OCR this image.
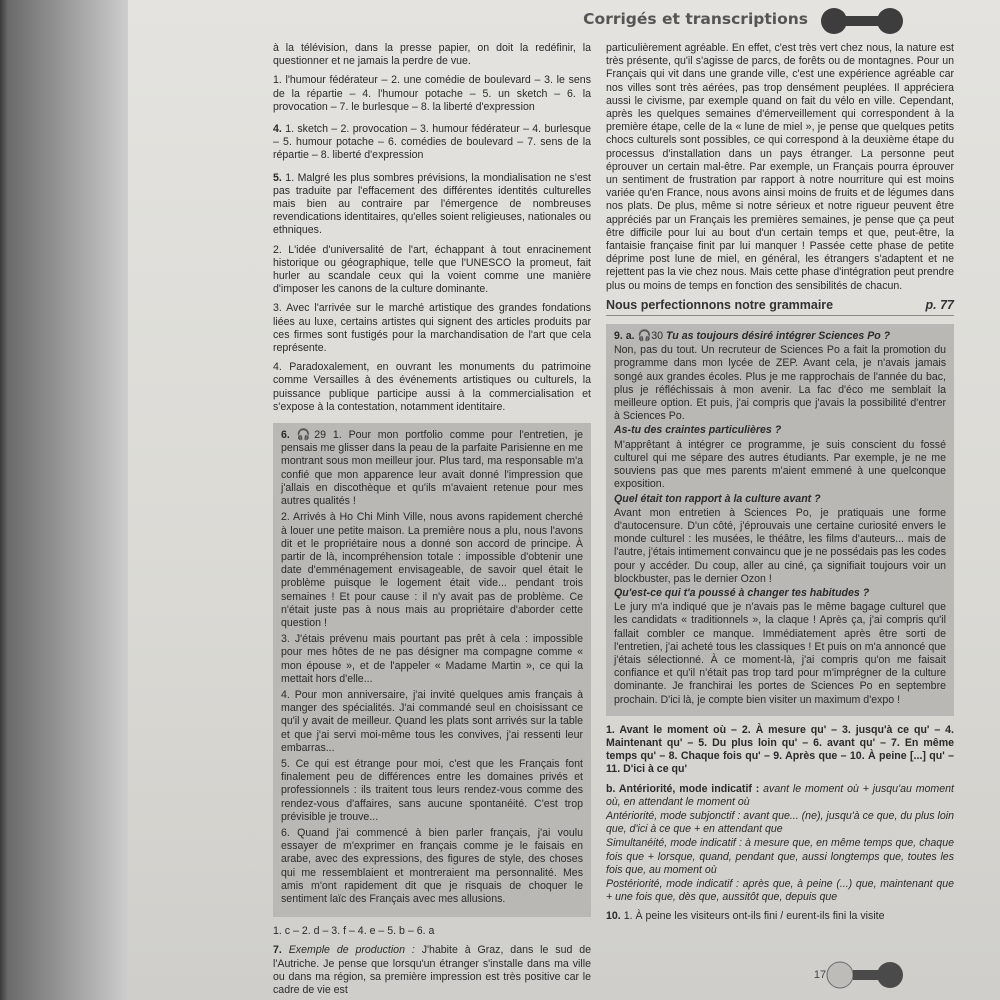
Corrigés et transcriptions

à la télévision, dans la presse papier, on doit la redéfinir, la questionner et ne jamais la perdre de vue.

1. l'humour fédérateur – 2. une comédie de boulevard – 3. le sens de la répartie – 4. l'humour potache – 5. un sketch – 6. la provocation – 7. le burlesque – 8. la liberté d'expression

4. 1. sketch – 2. provocation – 3. humour fédérateur – 4. burlesque – 5. humour potache – 6. comédies de boulevard – 7. sens de la répartie – 8. liberté d'expression

5. 1. Malgré les plus sombres prévisions, la mondialisation ne s'est pas traduite par l'effacement des différentes identités culturelles mais bien au contraire par l'émergence de nombreuses revendications identitaires, qu'elles soient religieuses, nationales ou ethniques.

2. L'idée d'universalité de l'art, échappant à tout enracinement historique ou géographique, telle que l'UNESCO la promeut, fait hurler au scandale ceux qui la voient comme une manière d'imposer les canons de la culture dominante.

3. Avec l'arrivée sur le marché artistique des grandes fondations liées au luxe, certains artistes qui signent des articles produits par ces firmes sont fustigés pour la marchandisation de l'art que cela représente.

4. Paradoxalement, en ouvrant les monuments du patrimoine comme Versailles à des événements artistiques ou culturels, la puissance publique participe aussi à la commercialisation et s'expose à la contestation, notamment identitaire.

6. 🎧29 1. Pour mon portfolio comme pour l'entretien, je pensais me glisser dans la peau de la parfaite Parisienne en me montrant sous mon meilleur jour. Plus tard, ma responsable m'a confié que mon apparence leur avait donné l'impression que j'allais en discothèque et qu'ils m'avaient retenue pour mes autres qualités !

2. Arrivés à Ho Chi Minh Ville, nous avons rapidement cherché à louer une petite maison. La première nous a plu, nous l'avons dit et le propriétaire nous a donné son accord de principe. À partir de là, incompréhension totale : impossible d'obtenir une date d'emménagement envisageable, de savoir quel était le problème puisque le logement était vide... pendant trois semaines ! Et pour cause : il n'y avait pas de problème. Ce n'était juste pas à nous mais au propriétaire d'aborder cette question !

3. J'étais prévenu mais pourtant pas prêt à cela : impossible pour mes hôtes de ne pas désigner ma compagne comme « mon épouse », et de l'appeler « Madame Martin », ce qui la mettait hors d'elle...

4. Pour mon anniversaire, j'ai invité quelques amis français à manger des spécialités. J'ai commandé seul en choisissant ce qu'il y avait de meilleur. Quand les plats sont arrivés sur la table et que j'ai servi moi-même tous les convives, j'ai ressenti leur embarras...

5. Ce qui est étrange pour moi, c'est que les Français font finalement peu de différences entre les domaines privés et professionnels : ils traitent tous leurs rendez-vous comme des rendez-vous d'affaires, sans aucune spontanéité. C'est trop prévisible je trouve...

6. Quand j'ai commencé à bien parler français, j'ai voulu essayer de m'exprimer en français comme je le faisais en arabe, avec des expressions, des figures de style, des choses qui me ressemblaient et montreraient ma personnalité. Mes amis m'ont rapidement dit que je risquais de choquer le sentiment laïc des Français avec mes allusions.

1. c – 2. d – 3. f – 4. e – 5. b – 6. a

7. Exemple de production : J'habite à Graz, dans le sud de l'Autriche. Je pense que lorsqu'un étranger s'installe dans ma ville ou dans ma région, sa première impression est très positive car le cadre de vie est

particulièrement agréable. En effet, c'est très vert chez nous, la nature est très présente, qu'il s'agisse de parcs, de forêts ou de montagnes. Pour un Français qui vit dans une grande ville, c'est une expérience agréable car nos villes sont très aérées, pas trop densément peuplées. Il appréciera aussi le civisme, par exemple quand on fait du vélo en ville. Cependant, après les quelques semaines d'émerveillement qui correspondent à la première étape, celle de la « lune de miel », je pense que quelques petits chocs culturels sont possibles, ce qui correspond à la deuxième étape du processus d'installation dans un pays étranger. La personne peut éprouver un certain mal-être. Par exemple, un Français pourra éprouver un sentiment de frustration par rapport à notre nourriture qui est moins variée qu'en France, nous avons ainsi moins de fruits et de légumes dans nos plats. De plus, même si notre sérieux et notre rigueur peuvent être appréciés par un Français les premières semaines, je pense que ça peut être difficile pour lui au bout d'un certain temps et que, peut-être, la fantaisie française finit par lui manquer ! Passée cette phase de petite déprime post lune de miel, en général, les étrangers s'adaptent et ne rejettent pas la vie chez nous. Mais cette phase d'intégration peut prendre plus ou moins de temps en fonction des sensibilités de chacun.

Nous perfectionnons notre grammaire	p. 77

9. a. 🎧30 Tu as toujours désiré intégrer Sciences Po ?

Non, pas du tout. Un recruteur de Sciences Po a fait la promotion du programme dans mon lycée de ZEP. Avant cela, je n'avais jamais songé aux grandes écoles. Plus je me rapprochais de l'année du bac, plus je réfléchissais à mon avenir. La fac d'éco me semblait la meilleure option. Et puis, j'ai compris que j'avais la possibilité d'entrer à Sciences Po.

As-tu des craintes particulières ?

M'apprêtant à intégrer ce programme, je suis conscient du fossé culturel qui me sépare des autres étudiants. Par exemple, je ne me souviens pas que mes parents m'aient emmené à une quelconque exposition.

Quel était ton rapport à la culture avant ?

Avant mon entretien à Sciences Po, je pratiquais une forme d'autocensure. D'un côté, j'éprouvais une certaine curiosité envers le monde culturel : les musées, le théâtre, les films d'auteurs... mais de l'autre, j'étais intimement convaincu que je ne possédais pas les codes pour y accéder. Du coup, aller au ciné, ça signifiait toujours voir un blockbuster, pas le dernier Ozon !

Qu'est-ce qui t'a poussé à changer tes habitudes ?

Le jury m'a indiqué que je n'avais pas le même bagage culturel que les candidats « traditionnels », la claque ! Après ça, j'ai compris qu'il fallait combler ce manque. Immédiatement après être sorti de l'entretien, j'ai acheté tous les classiques ! Et puis on m'a annoncé que j'étais sélectionné. À ce moment-là, j'ai compris qu'on me faisait confiance et qu'il n'était pas trop tard pour m'imprégner de la culture dominante. Je franchirai les portes de Sciences Po en septembre prochain. D'ici là, je compte bien visiter un maximum d'expo !

1. Avant le moment où – 2. À mesure qu' – 3. jusqu'à ce qu' – 4. Maintenant qu' – 5. Du plus loin qu' – 6. avant qu' – 7. En même temps qu' – 8. Chaque fois qu' – 9. Après que – 10. À peine [...] qu' – 11. D'ici à ce qu'

b. Antériorité, mode indicatif : avant le moment où + jusqu'au moment où, en attendant le moment où

Antériorité, mode subjonctif : avant que... (ne), jusqu'à ce que, du plus loin que, d'ici à ce que + en attendant que

Simultanéité, mode indicatif : à mesure que, en même temps que, chaque fois que + lorsque, quand, pendant que, aussi longtemps que, toutes les fois que, au moment où

Postériorité, mode indicatif : après que, à peine (...) que, maintenant que + une fois que, dès que, aussitôt que, depuis que

10. 1. À peine les visiteurs ont-ils fini / eurent-ils fini la visite

17
